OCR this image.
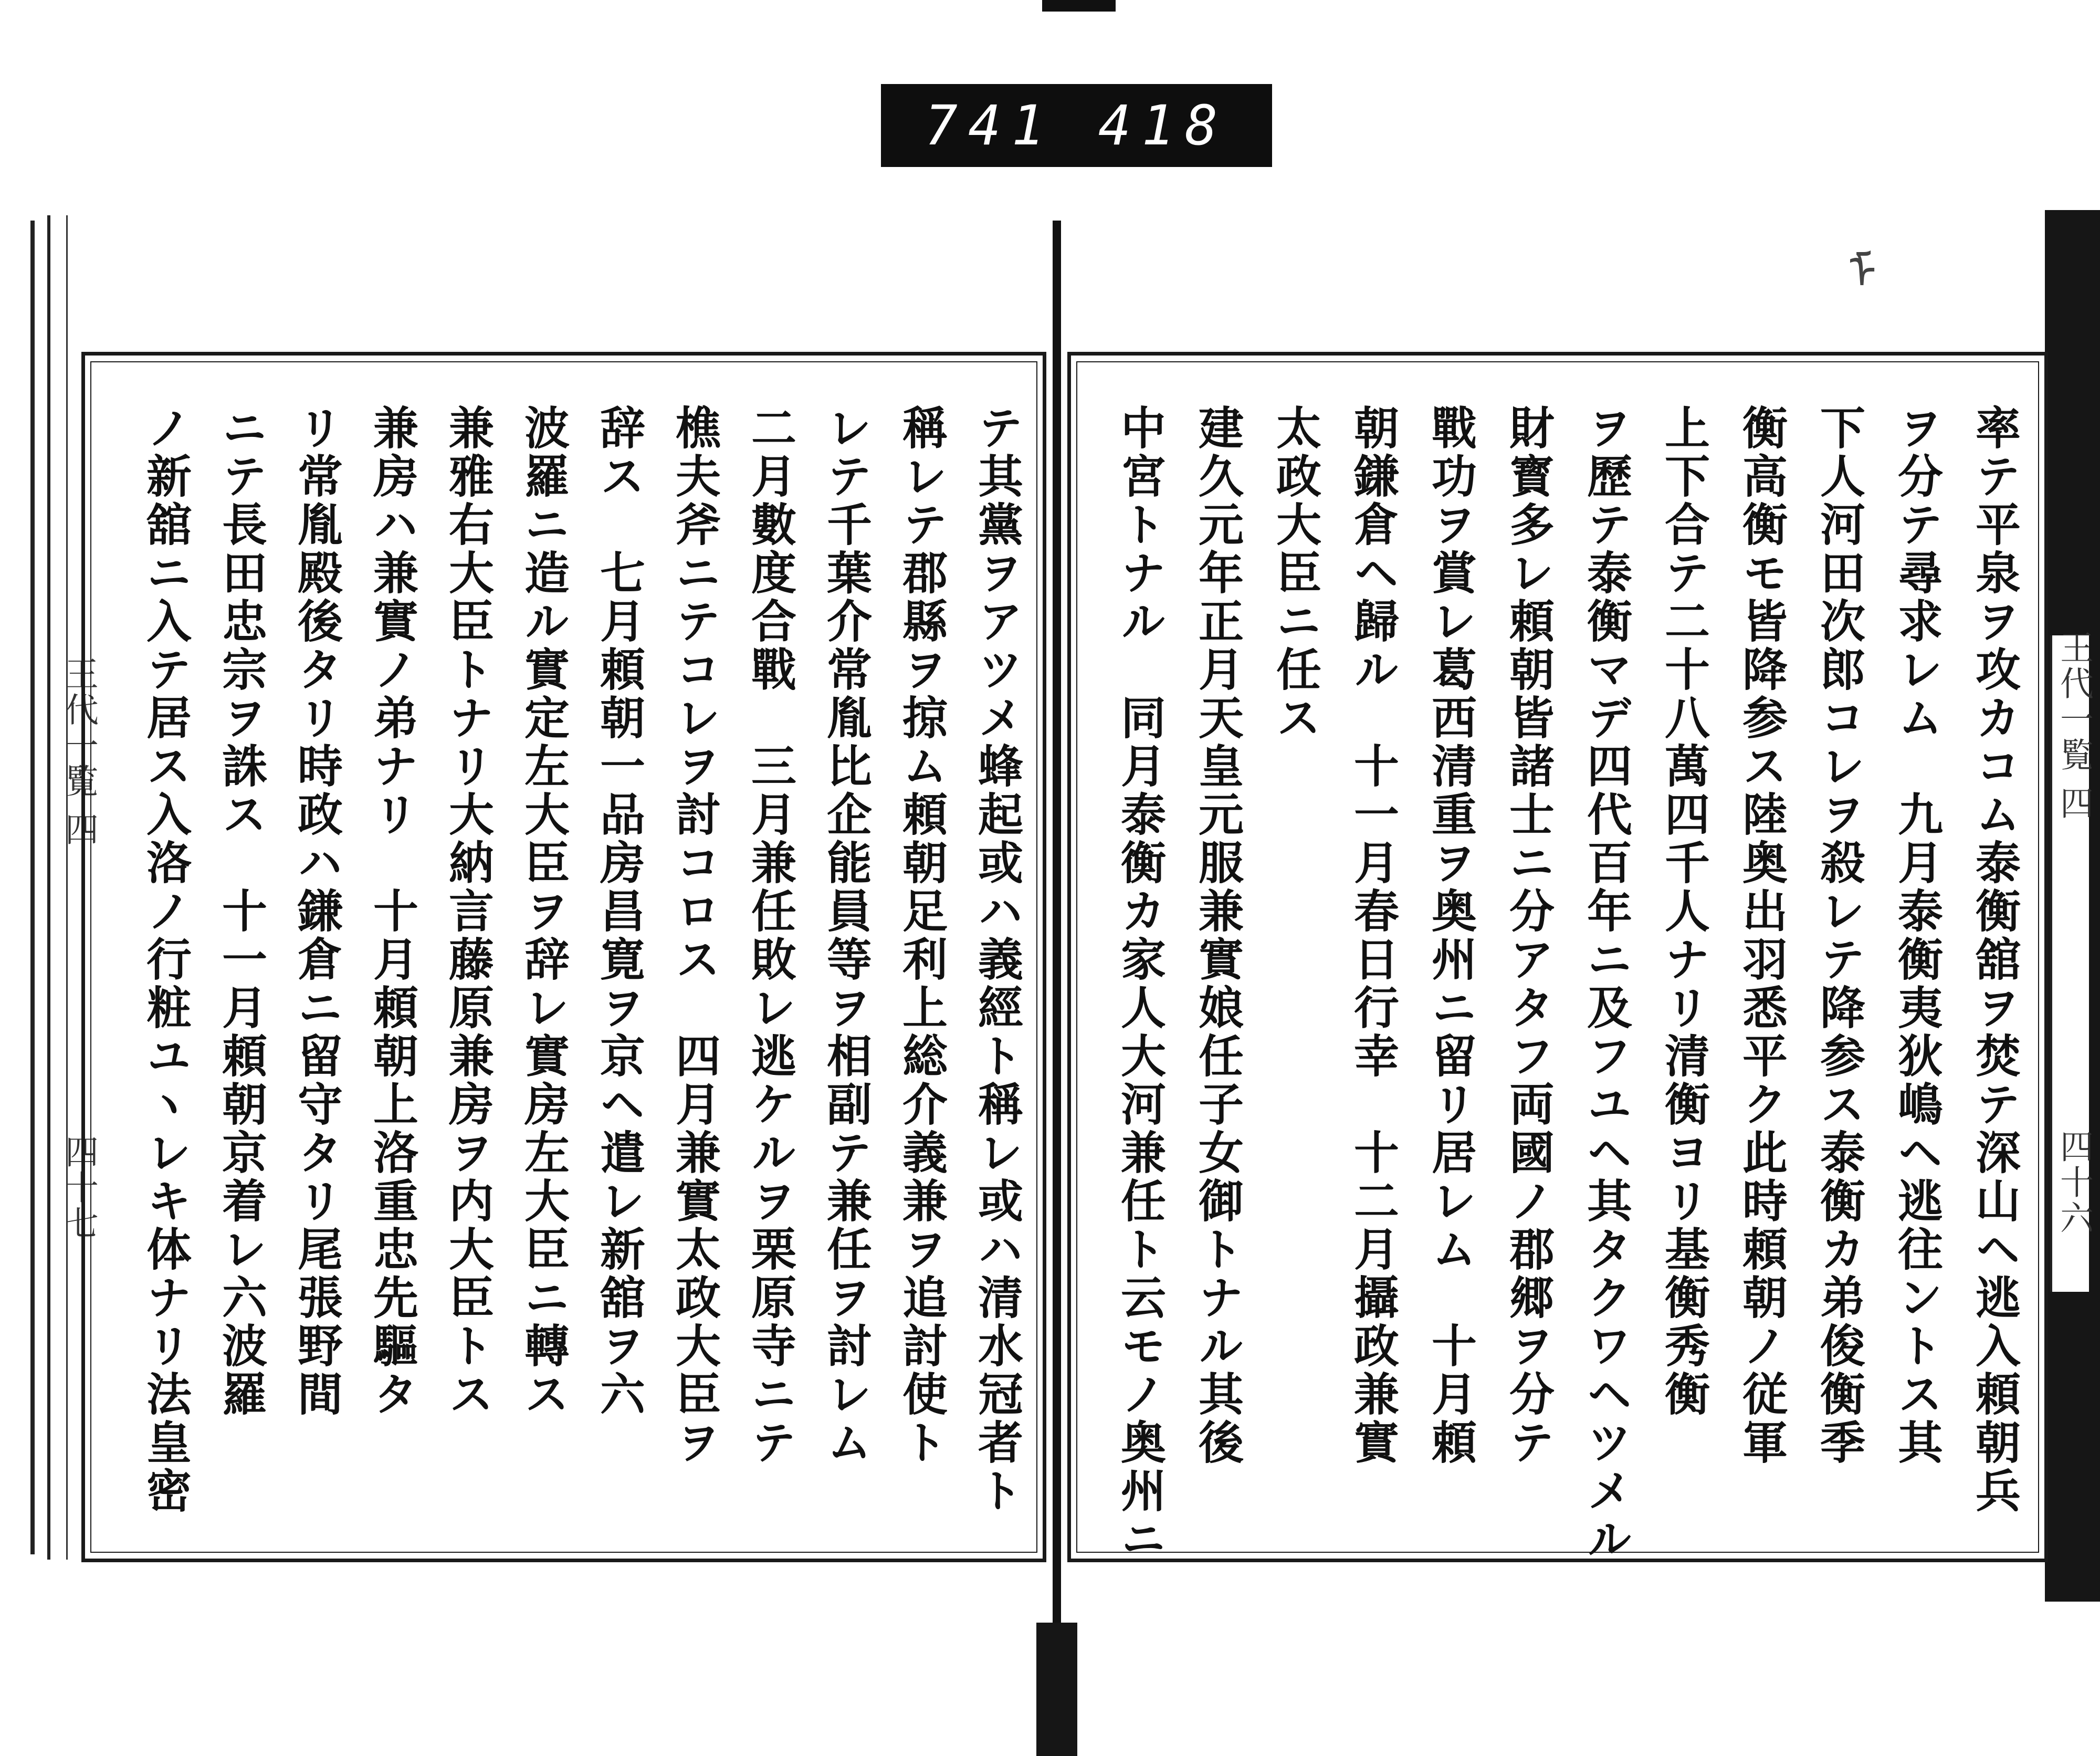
741 418
ᠮ
王代一覧 四
四十七
王代一覧 四
四十六
率テ平泉ヲ攻カコム泰衡舘ヲ焚テ深山ヘ逃入頼朝兵
ヲ分テ尋求レム　九月泰衡夷狄嶋ヘ逃往ントス其
下人河田次郎コレヲ殺レテ降参ス泰衡カ弟俊衡季
衡高衡モ皆降参ス陸奥出羽悉平ク此時頼朝ノ従軍
上下合テ二十八萬四千人ナリ清衡ヨリ基衡秀衡
ヲ歷テ泰衡マデ四代百年ニ及フユヘ其タクワヘツメル
財寳多レ頼朝皆諸士ニ分アタフ両國ノ郡郷ヲ分テ
戰功ヲ賞レ葛西清重ヲ奥州ニ留リ居レム　十月頼
朝鎌倉ヘ歸ル　十一月春日行幸　十二月攝政兼實
太政大臣ニ任ス
建久元年正月天皇元服兼實娘任子女御トナル其後
中宮トナル　同月泰衡カ家人大河兼任ト云モノ奥州ニ
テ其黨ヲアツメ蜂起或ハ義經ト稱レ或ハ清水冠者ト
稱レテ郡縣ヲ掠ム頼朝足利上総介義兼ヲ追討使ト
レテ千葉介常胤比企能員等ヲ相副テ兼任ヲ討レム
二月數度合戰　三月兼任敗レ逃ケルヲ栗原寺ニテ
樵夫斧ニテコレヲ討コロス　四月兼實太政大臣ヲ
辞ス　七月頼朝一品房昌寛ヲ京ヘ遣レ新舘ヲ六
波羅ニ造ル實定左大臣ヲ辞レ實房左大臣ニ轉ス
兼雅右大臣トナリ大納言藤原兼房ヲ内大臣トス
兼房ハ兼實ノ弟ナリ　十月頼朝上洛重忠先驅タ
リ常胤殿後タリ時政ハ鎌倉ニ留守タリ尾張野間
ニテ長田忠宗ヲ誅ス　十一月頼朝京着レ六波羅
ノ新舘ニ入テ居ス入洛ノ行粧ユヽレキ体ナリ法皇密
